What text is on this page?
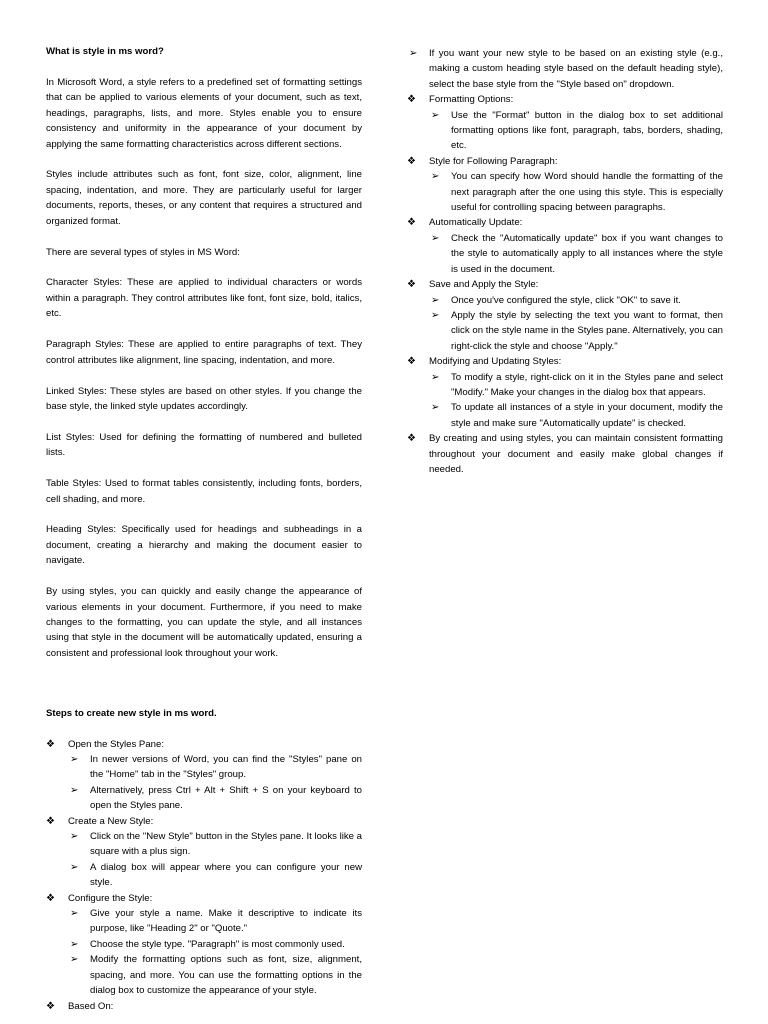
What is style in ms word?

In Microsoft Word, a style refers to a predefined set of formatting settings that can be applied to various elements of your document, such as text, headings, paragraphs, lists, and more. Styles enable you to ensure consistency and uniformity in the appearance of your document by applying the same formatting characteristics across different sections.

Styles include attributes such as font, font size, color, alignment, line spacing, indentation, and more. They are particularly useful for larger documents, reports, theses, or any content that requires a structured and organized format.

There are several types of styles in MS Word:

Character Styles: These are applied to individual characters or words within a paragraph. They control attributes like font, font size, bold, italics, etc.

Paragraph Styles: These are applied to entire paragraphs of text. They control attributes like alignment, line spacing, indentation, and more.

Linked Styles: These styles are based on other styles. If you change the base style, the linked style updates accordingly.

List Styles: Used for defining the formatting of numbered and bulleted lists.

Table Styles: Used to format tables consistently, including fonts, borders, cell shading, and more.

Heading Styles: Specifically used for headings and subheadings in a document, creating a hierarchy and making the document easier to navigate.

By using styles, you can quickly and easily change the appearance of various elements in your document. Furthermore, if you need to make changes to the formatting, you can update the style, and all instances using that style in the document will be automatically updated, ensuring a consistent and professional look throughout your work.

Steps to create new style in ms word.
❖	Open the Styles Pane:
➢	In newer versions of Word, you can find the "Styles" pane on the "Home" tab in the "Styles" group.
➢	Alternatively, press Ctrl + Alt + Shift + S on your keyboard to open the Styles pane.
❖	Create a New Style:
➢	Click on the "New Style" button in the Styles pane. It looks like a square with a plus sign.
➢	A dialog box will appear where you can configure your new style.
❖	Configure the Style:
➢	Give your style a name. Make it descriptive to indicate its purpose, like "Heading 2" or "Quote."
➢	Choose the style type. "Paragraph" is most commonly used.
➢	Modify the formatting options such as font, size, alignment, spacing, and more. You can use the formatting options in the dialog box to customize the appearance of your style.
❖	Based On:
➢	If you want your new style to be based on an existing style (e.g., making a custom heading style based on the default heading style), select the base style from the "Style based on" dropdown.
❖	Formatting Options:
➢	Use the "Format" button in the dialog box to set additional formatting options like font, paragraph, tabs, borders, shading, etc.
❖	Style for Following Paragraph:
➢	You can specify how Word should handle the formatting of the next paragraph after the one using this style. This is especially useful for controlling spacing between paragraphs.
❖	Automatically Update:
➢	Check the "Automatically update" box if you want changes to the style to automatically apply to all instances where the style is used in the document.
❖	Save and Apply the Style:
➢	Once you've configured the style, click "OK" to save it.
➢	Apply the style by selecting the text you want to format, then click on the style name in the Styles pane. Alternatively, you can right-click the style and choose "Apply."
❖	Modifying and Updating Styles:
➢	To modify a style, right-click on it in the Styles pane and select "Modify." Make your changes in the dialog box that appears.
➢	To update all instances of a style in your document, modify the style and make sure "Automatically update" is checked.
❖	By creating and using styles, you can maintain consistent formatting throughout your document and easily make global changes if needed.
